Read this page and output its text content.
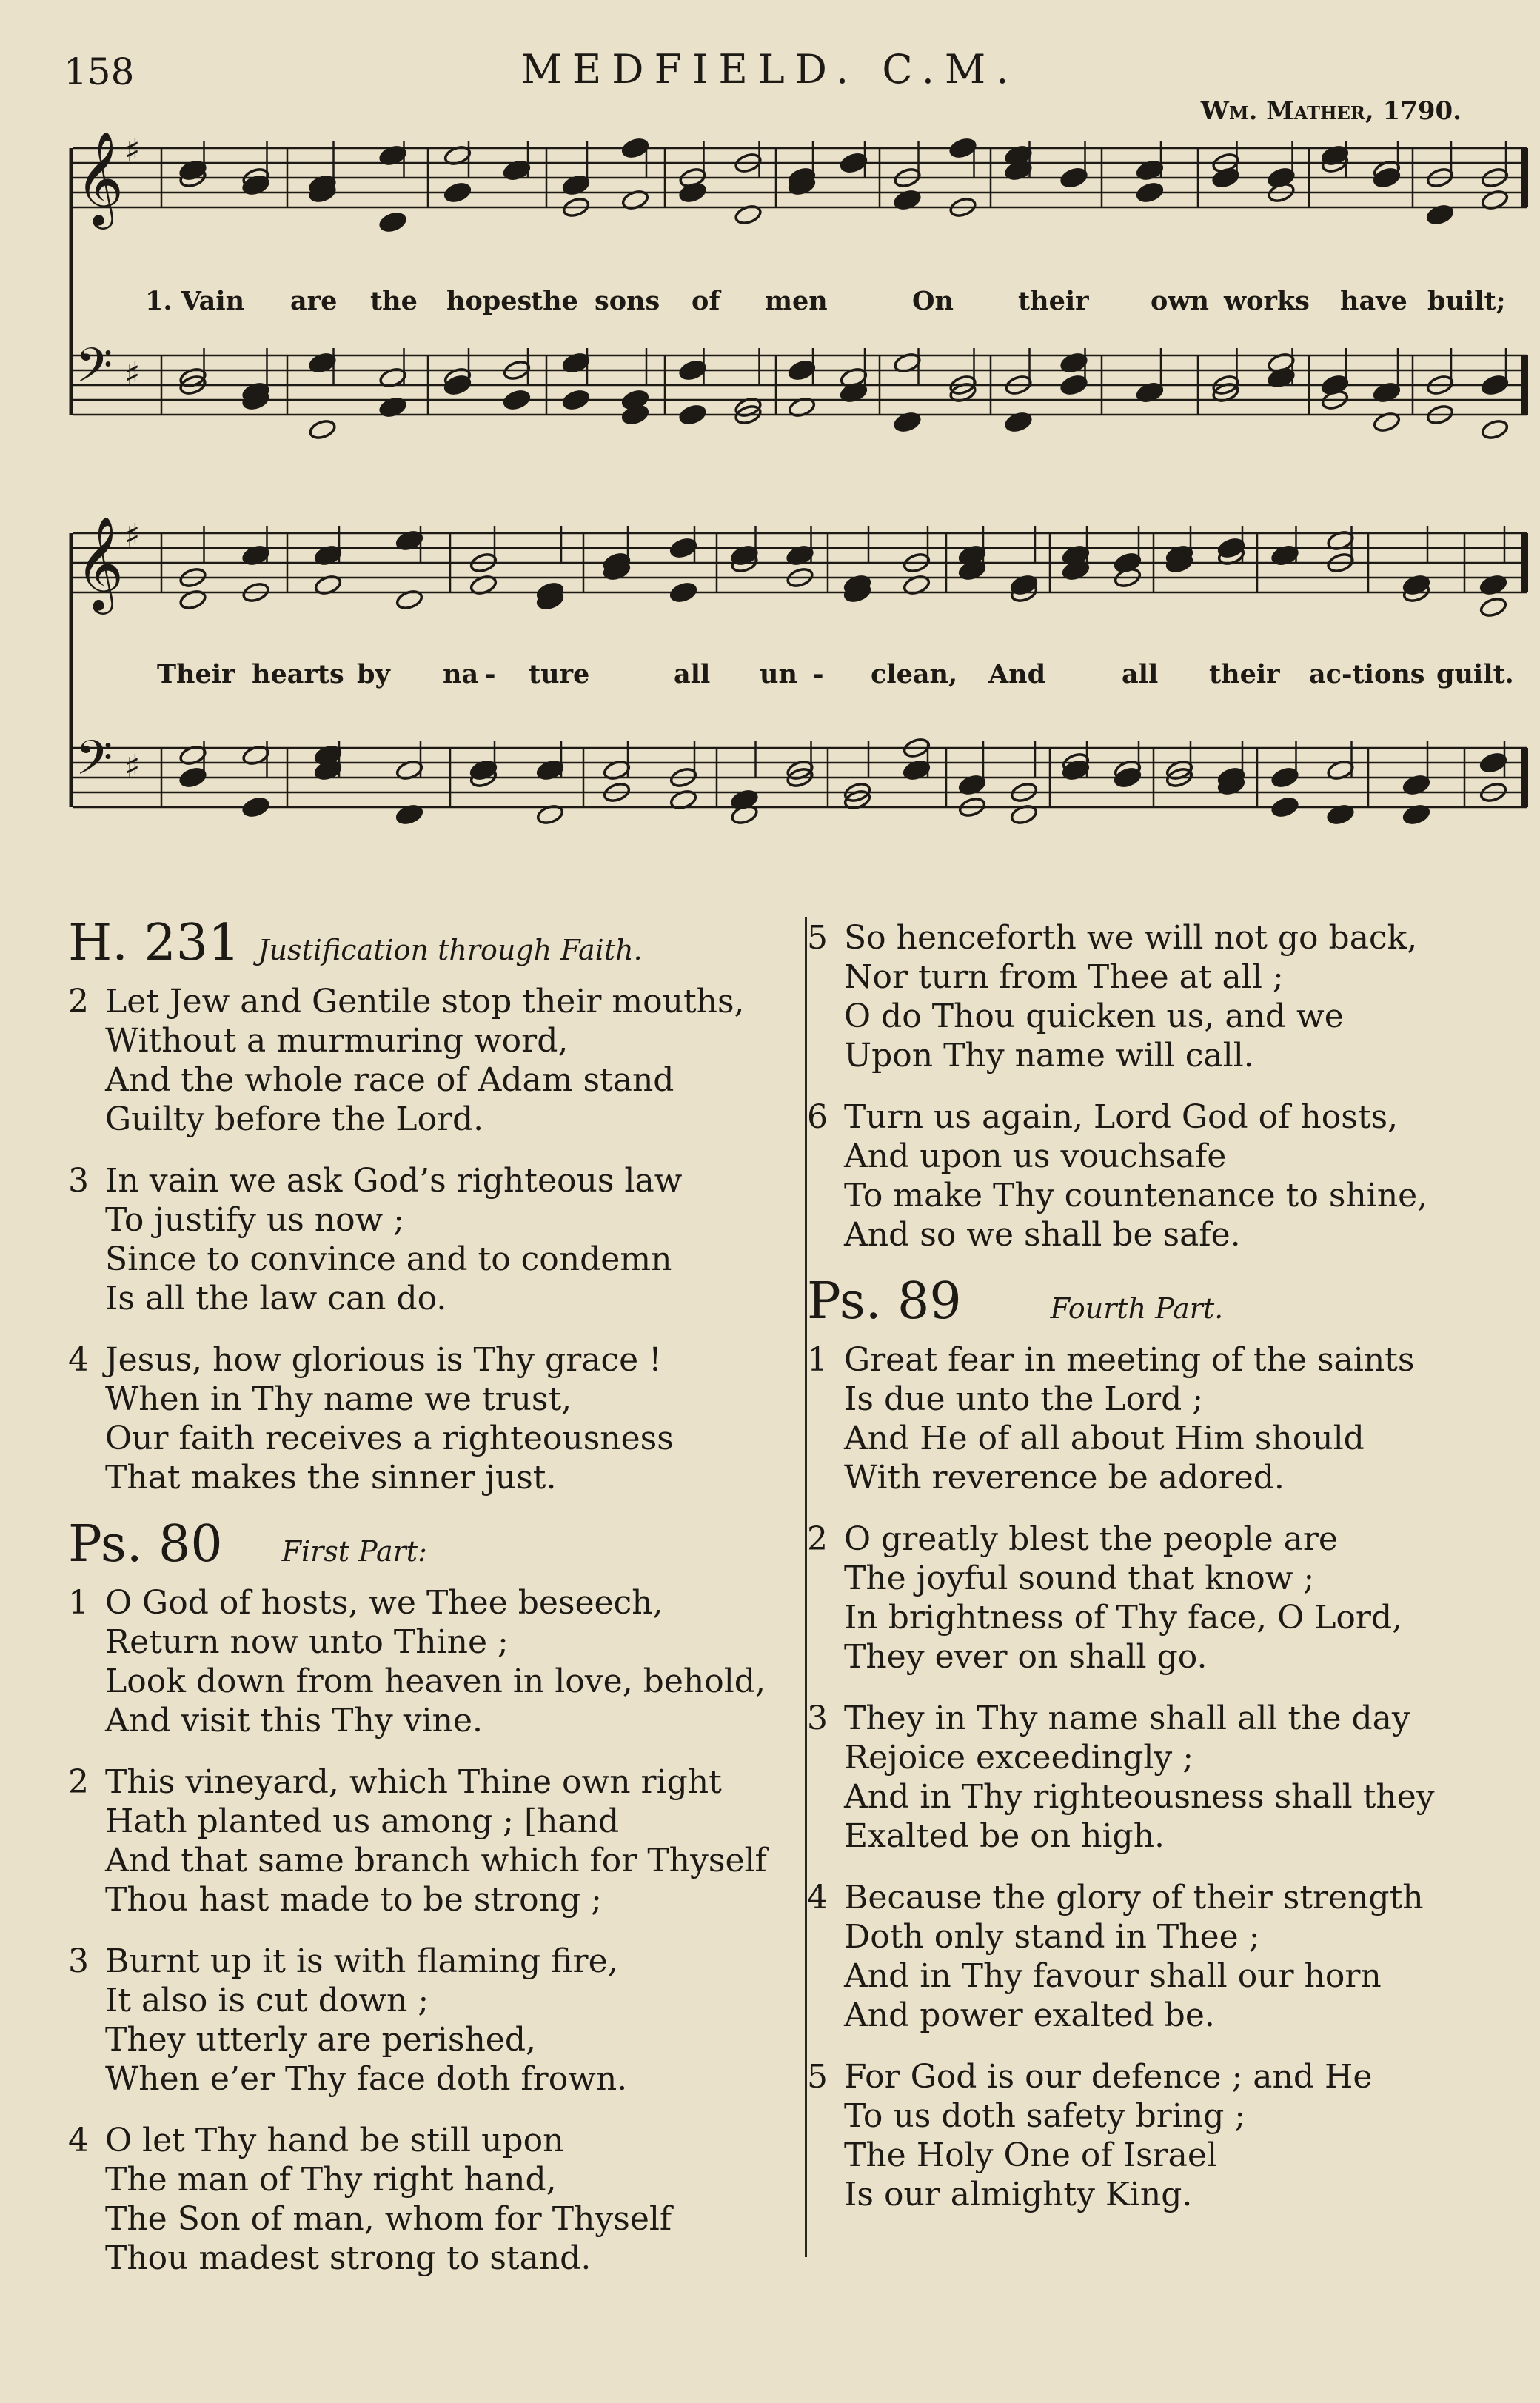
158	MEDFIELD. C.M.
Wm. Mather, 1790.
𝄞 ♯
𝄢 ♯
1. Vain are the hopes
the sons of men	On their own works have built;
𝄞 ♯
𝄢 ♯
Their hearts by na - ture	all un - clean, And	all their ac-tions guilt.
H. 231 Justification through Faith.
2 Let Jew and Gentile stop their mouths,
Without a murmuring word,
And the whole race of Adam stand
Guilty before the Lord.
3 In vain we ask God’s righteous law
To justify us now ;
Since to convince and to condemn
Is all the law can do.
4 Jesus, how glorious is Thy grace !
When in Thy name we trust,
Our faith receives a righteousness
That makes the sinner just.
Ps. 80 First Part:
1 O God of hosts, we Thee beseech,
Return now unto Thine ;
Look down from heaven in love, behold,
And visit this Thy vine.
2 This vineyard, which Thine own right
Hath planted us among ; [hand
And that same branch which for Thyself
Thou hast made to be strong ;
3 Burnt up it is with flaming fire,
It also is cut down ;
They utterly are perished,
When e’er Thy face doth frown.
4 O let Thy hand be still upon
The man of Thy right hand,
The Son of man, whom for Thyself
Thou madest strong to stand.
5 So henceforth we will not go back,
Nor turn from Thee at all ;
O do Thou quicken us, and we
Upon Thy name will call.
6 Turn us again, Lord God of hosts,
And upon us vouchsafe
To make Thy countenance to shine,
And so we shall be safe.
Ps. 89	Fourth Part.
1 Great fear in meeting of the saints
Is due unto the Lord ;
And He of all about Him should
With reverence be adored.
2 O greatly blest the people are
The joyful sound that know ;
In brightness of Thy face, O Lord,
They ever on shall go.
3 They in Thy name shall all the day
Rejoice exceedingly ;
And in Thy righteousness shall they
Exalted be on high.
4 Because the glory of their strength
Doth only stand in Thee ;
And in Thy favour shall our horn
And power exalted be.
5 For God is our defence ; and He
To us doth safety bring ;
The Holy One of Israel
Is our almighty King.
